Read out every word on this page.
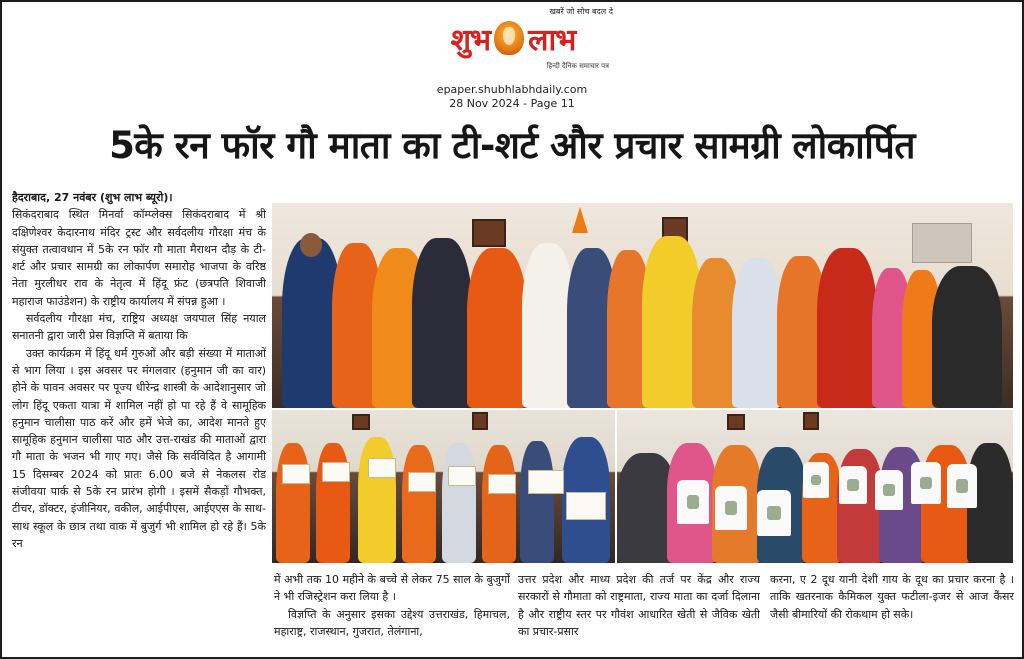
खबरें जो सोच बदल दे
शुभ लाभ
हिन्दी दैनिक समाचार पत्र
epaper.shubhlabhdaily.com
28 Nov 2024 - Page 11
5के रन फॉर गौ माता का टी-शर्ट और प्रचार सामग्री लोकार्पित

हैदराबाद, 27 नवंबर (शुभ लाभ ब्यूरो)।
सिकंदराबाद स्थित मिनर्वा कॉम्प्लेक्स सिकंदराबाद में श्री दक्षिणेश्वर केदारनाथ मंदिर ट्रस्ट और सर्वदलीय गौरक्षा मंच के संयुक्त तत्वावधान में 5के रन फॉर गौ माता मैराथन दौड़ के टी-शर्ट और प्रचार सामग्री का लोकार्पण समारोह भाजपा के वरिष्ठ नेता मुरलीधर राव के नेतृत्व में हिंदू फ्रंट (छत्रपति शिवाजी महाराज फाउंडेशन) के राष्ट्रीय कार्यालय में संपन्न हुआ ।

सर्वदलीय गौरक्षा मंच, राष्ट्रिय अध्यक्ष जयपाल सिंह नयाल सनातनी द्वारा जारी प्रेस विज्ञप्ति में बताया कि

उक्त कार्यक्रम में हिंदू धर्म गुरुओं और बड़ी संख्या में माताओं से भाग लिया । इस अवसर पर मंगलवार (हनुमान जी का वार) होने के पावन अवसर पर पूज्य धीरेन्द्र शास्त्री के आदेशानुसार जो लोग हिंदू एकता यात्रा में शामिल नहीं हो पा रहे हैं वे सामूहिक हनुमान चालीसा पाठ करें और हमें भेजे का, आदेश मानते हुए सामूहिक हनुमान चालीसा पाठ और उत्त-राखंड की माताओं द्वारा गौ माता के भजन भी गाए गए। जैसे कि सर्वविदित है आगामी 15 दिसम्बर 2024 को प्रातः 6.00 बजे से नेकलस रोड संजीवया पार्क से 5के रन प्रारंभ होगी । इसमें सैकड़ों गौभक्त, टीचर, डॉक्टर, इंजीनियर, वकील, आईपीएस, आईएएस के साथ- साथ स्कूल के छात्र तथा वाक में बुजुर्ग भी शामिल हो रहे हैं। 5के रन

में अभी तक 10 महीने के बच्चे से लेकर 75 साल के बुजुर्गों ने भी रजिस्ट्रेशन करा लिया है ।

विज्ञप्ति के अनुसार इसका उद्देश्य उत्तराखंड, हिमाचल, महाराष्ट्र, राजस्थान, गुजरात, तेलंगाना,

उत्तर प्रदेश और माध्य प्रदेश की तर्ज पर केंद्र और राज्य सरकारों से गौमाता को राष्ट्रमाता, राज्य माता का दर्जा दिलाना है और राष्ट्रीय स्तर पर गौवंश आधारित खेती से जैविक खेती का प्रचार-प्रसार

करना, ए 2 दूध यानी देशी गाय के दूध का प्रचार करना है । ताकि खतरनाक कैमिकल युक्त फटीला-इजर से आज कैंसर जैसी बीमारियों की रोकथाम हो सके।
